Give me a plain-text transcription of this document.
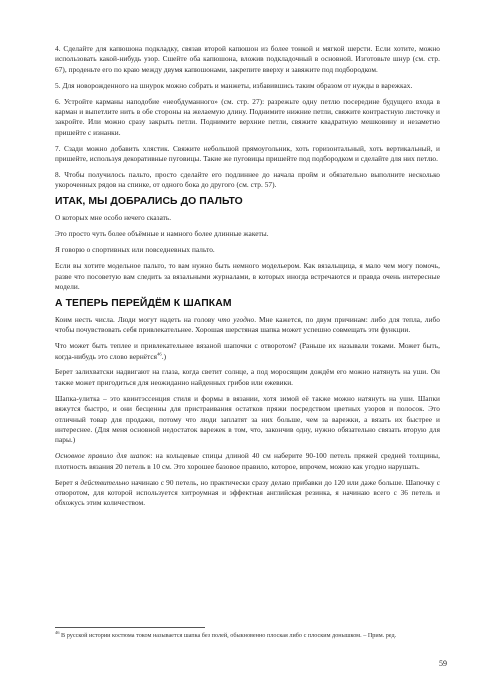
4. Сделайте для капюшона подкладку, связав второй капюшон из более тонкой и мягкой шерсти. Если хотите, можно использовать какой-нибудь узор. Сшейте оба капюшона, вложив подкладочный в основной. Изготовьте шнур (см. стр. 67), проденьте его по краю между двумя капюшонами, закрепите вверху и завяжите под подбородком.

5. Для новорожденного на шнурок можно собрать и манжеты, избавившись таким образом от нужды в варежках.

6. Устройте карманы наподобие «необдуманного» (см. стр. 27): разрежьте одну петлю посередине будущего входа в карман и выпетлите нить в обе стороны на желаемую длину. Поднимите нижние петли, свяжите контрастную листочку и закройте. Или можно сразу закрыть петли. Поднимите верхние петли, свяжите квадратную мешковину и незаметно пришейте с изнанки.

7. Сзади можно добавить хлястик. Свяжите небольшой прямоугольник, хоть горизонтальный, хоть вертикальный, и пришейте, используя декоративные пуговицы. Такие же пуговицы пришейте под подбородком и сделайте для них петлю.

8. Чтобы получилось пальто, просто сделайте его подлиннее до начала пройм и обязательно выполните несколько укороченных рядов на спинке, от одного бока до другого (см. стр. 57).

ИТАК, МЫ ДОБРАЛИСЬ ДО ПАЛЬТО

О которых мне особо нечего сказать.

Это просто чуть более объёмные и намного более длинные жакеты.

Я говорю о спортивных или повседневных пальто.

Если вы хотите модельное пальто, то вам нужно быть немного модельером. Как вязальщица, я мало чем могу помочь, разве что посоветую вам следить за вязальными журналами, в которых иногда встречаются и правда очень интересные модели.

А ТЕПЕРЬ ПЕРЕЙДЁМ К ШАПКАМ

Коим несть числа. Люди могут надеть на голову что угодно. Мне кажется, по двум причинам: либо для тепла, либо чтобы почувствовать себя привлекательнее. Хорошая шерстяная шапка может успешно совмещать эти функции.

Что может быть теплее и привлекательнее вязаной шапочки с отворотом? (Раньше их называли токами. Может быть, когда-нибудь это слово вернётся$^{46}$.)

Берет залихватски надвигают на глаза, когда светит солнце, а под моросящим дождём его можно натянуть на уши. Он также может пригодиться для неожиданно найденных грибов или ежевики.

Шапка-улитка – это квинтэссенция стиля и формы в вязании, хотя зимой её также можно натянуть на уши. Шапки вяжутся быстро, и они бесценны для пристраивания остатков пряжи посредством цветных узоров и полосок. Это отличный товар для продажи, потому что люди заплатят за них больше, чем за варежки, а вязать их быстрее и интереснее. (Для меня основной недостаток варежек в том, что, закончив одну, нужно обязательно связать вторую для пары.)

Основное правило для шапок: на кольцевые спицы длиной 40 см наберите 90-100 петель пряжей средней толщины, плотность вязания 20 петель в 10 см. Это хорошее базовое правило, которое, впрочем, можно как угодно нарушать.

Берет я действительно начинаю с 90 петель, но практически сразу делаю прибавки до 120 или даже больше. Шапочку с отворотом, для которой используется хитроумная и эффектная английская резинка, я начинаю всего с 36 петель и обхожусь этим количеством.

$^{46}$ В русской истории костюма током называется шапка без полей, обыкновенно плоская либо с плоским донышком. – Прим. ред.
59
